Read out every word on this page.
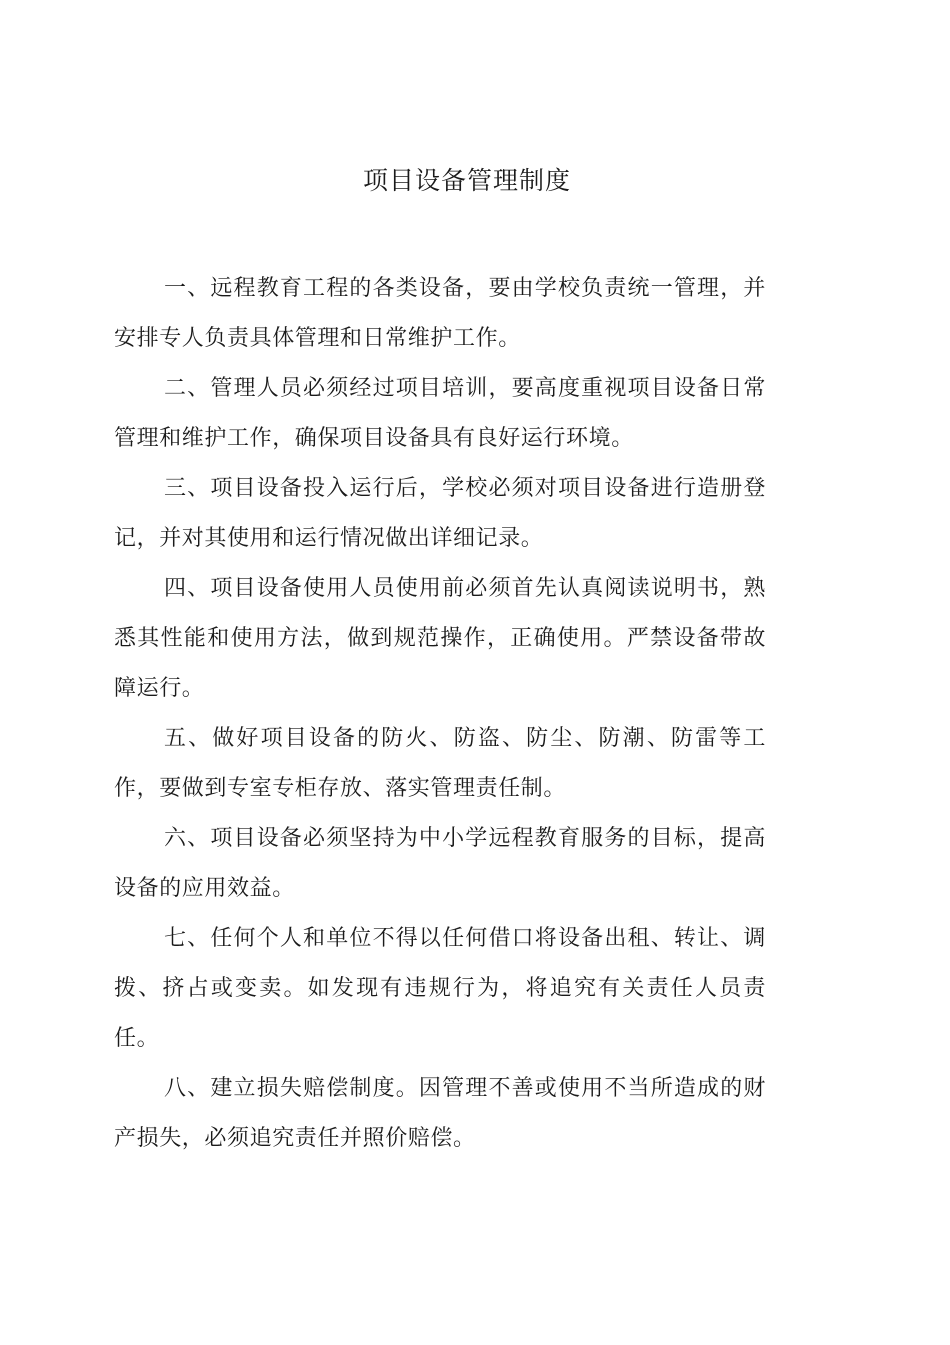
项目设备管理制度

一、远程教育工程的各类设备，要由学校负责统一管理，并安排专人负责具体管理和日常维护工作。

二、管理人员必须经过项目培训，要高度重视项目设备日常管理和维护工作，确保项目设备具有良好运行环境。

三、项目设备投入运行后，学校必须对项目设备进行造册登记，并对其使用和运行情况做出详细记录。

四、项目设备使用人员使用前必须首先认真阅读说明书，熟悉其性能和使用方法，做到规范操作，正确使用。严禁设备带故障运行。

五、做好项目设备的防火、防盗、防尘、防潮、防雷等工作，要做到专室专柜存放、落实管理责任制。

六、项目设备必须坚持为中小学远程教育服务的目标，提高设备的应用效益。

七、任何个人和单位不得以任何借口将设备出租、转让、调拨、挤占或变卖。如发现有违规行为，将追究有关责任人员责任。

八、建立损失赔偿制度。因管理不善或使用不当所造成的财产损失，必须追究责任并照价赔偿。
